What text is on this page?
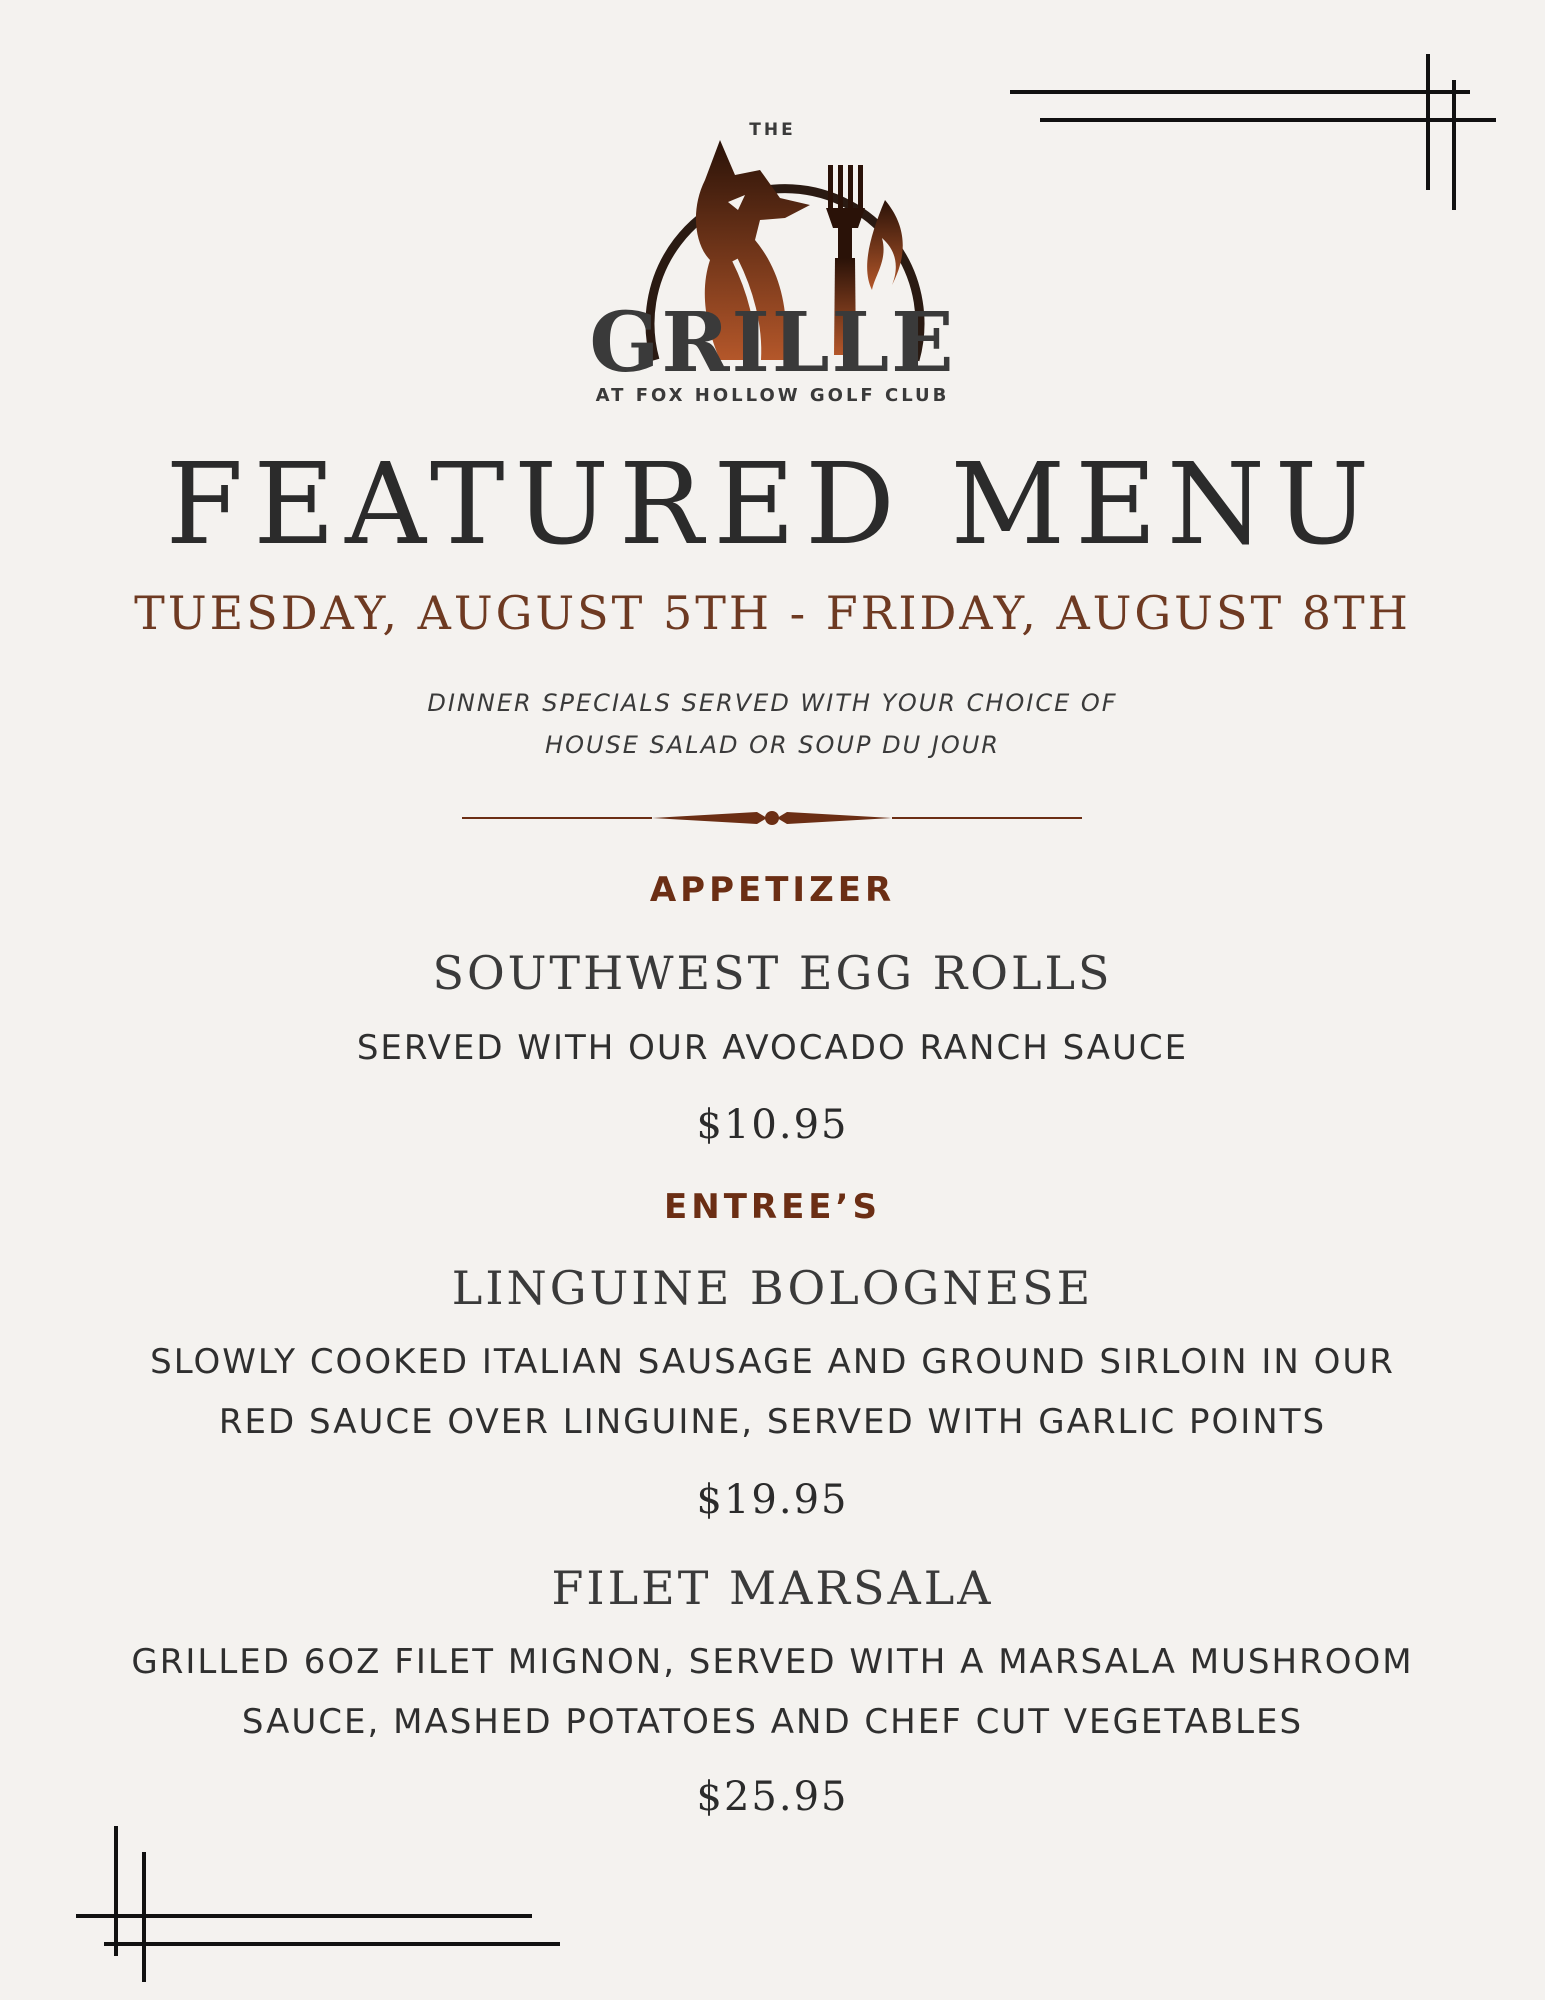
THE
GRILLE
AT FOX HOLLOW GOLF CLUB
FEATURED MENU
TUESDAY, AUGUST 5TH - FRIDAY, AUGUST 8TH
DINNER SPECIALS SERVED WITH YOUR CHOICE OF
HOUSE SALAD OR SOUP DU JOUR
APPETIZER
SOUTHWEST EGG ROLLS
SERVED WITH OUR AVOCADO RANCH SAUCE
$10.95
ENTREE’S
LINGUINE BOLOGNESE
SLOWLY COOKED ITALIAN SAUSAGE AND GROUND SIRLOIN IN OUR
RED SAUCE OVER LINGUINE, SERVED WITH GARLIC POINTS
$19.95
FILET MARSALA
GRILLED 6OZ FILET MIGNON, SERVED WITH A MARSALA MUSHROOM
SAUCE, MASHED POTATOES AND CHEF CUT VEGETABLES
$25.95
